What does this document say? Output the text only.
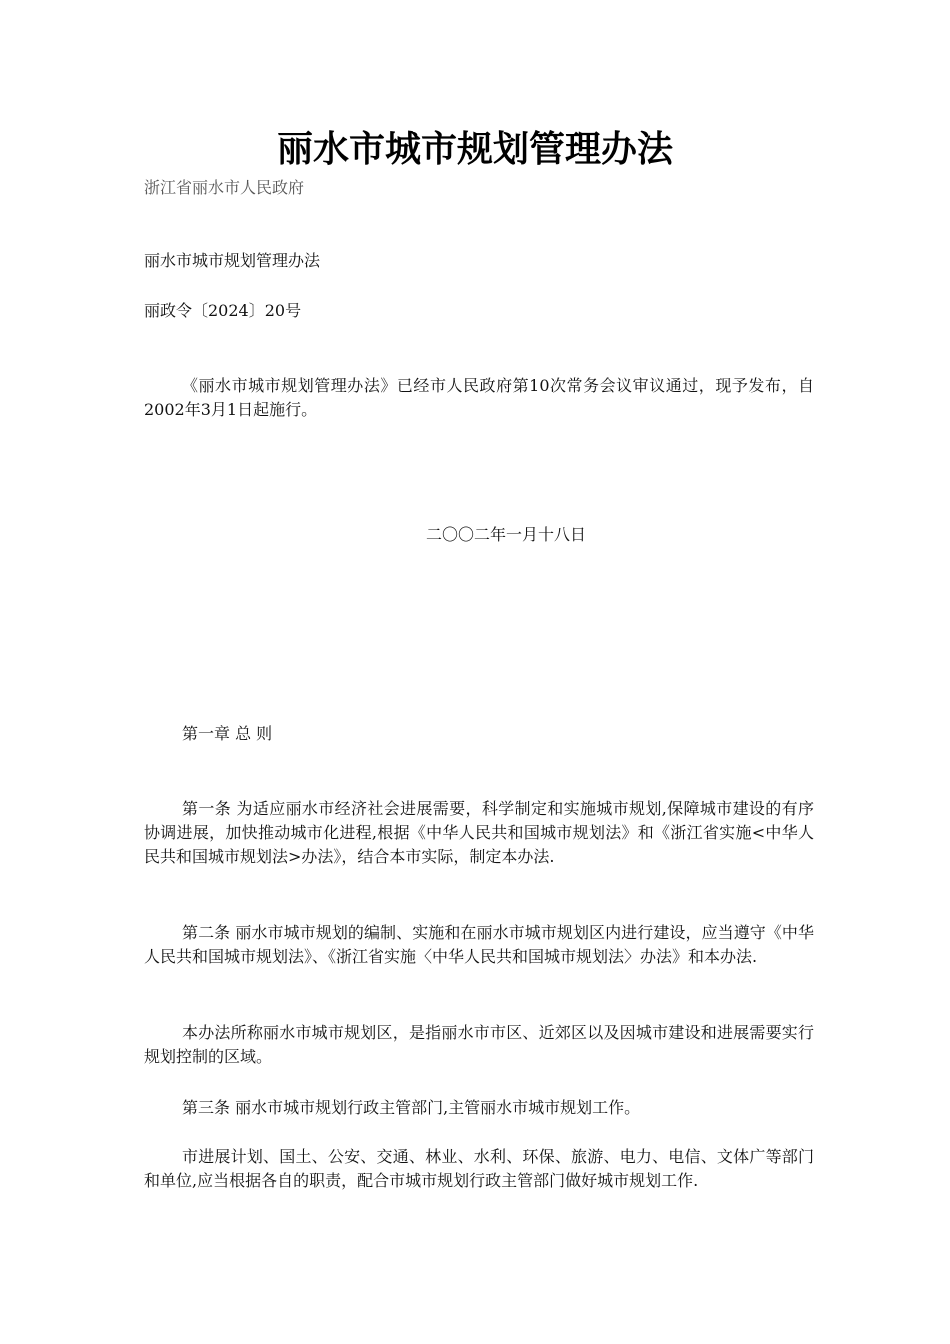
丽水市城市规划管理办法
浙江省丽水市人民政府
丽水市城市规划管理办法
丽政令〔2024〕20号

《丽水市城市规划管理办法》已经市人民政府第10次常务会议审议通过，现予发布，自2002年3月1日起施行。

二〇〇二年一月十八日
第一章 总 则

第一条 为适应丽水市经济社会进展需要，科学制定和实施城市规划,保障城市建设的有序协调进展，加快推动城市化进程,根据《中华人民共和国城市规划法》和《浙江省实施<中华人民共和国城市规划法>办法》，结合本市实际，制定本办法.

第二条 丽水市城市规划的编制、实施和在丽水市城市规划区内进行建设，应当遵守《中华人民共和国城市规划法》、《浙江省实施〈中华人民共和国城市规划法〉办法》和本办法.

本办法所称丽水市城市规划区，是指丽水市市区、近郊区以及因城市建设和进展需要实行规划控制的区域。

第三条 丽水市城市规划行政主管部门,主管丽水市城市规划工作。

市进展计划、国土、公安、交通、林业、水利、环保、旅游、电力、电信、文体广等部门和单位,应当根据各自的职责，配合市城市规划行政主管部门做好城市规划工作.
